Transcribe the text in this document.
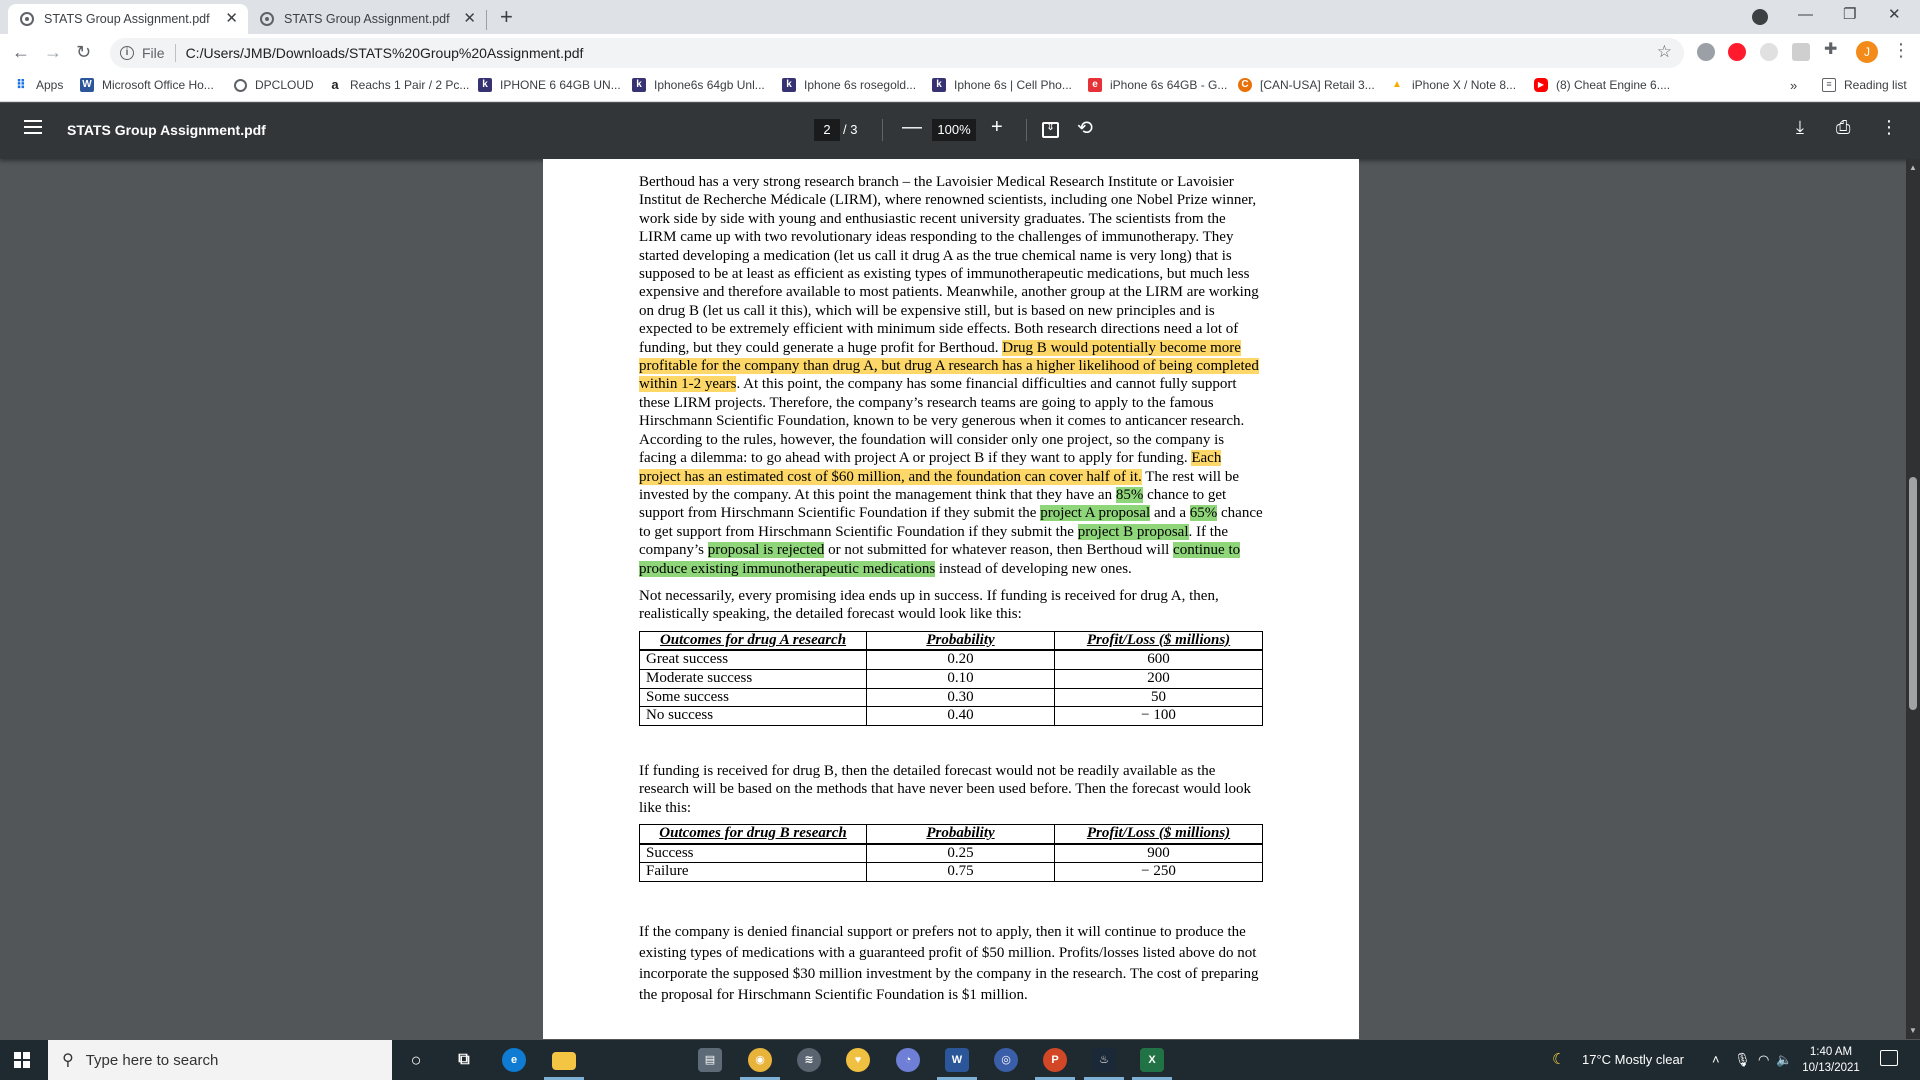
STATS Group Assignment.pdf ✕	STATS Group Assignment.pdf ✕ +	— ❐ ✕
← → ↻	i File C:/Users/JMB/Downloads/STATS%20Group%20Assignment.pdf	☆	✚	J	⋮
⠿ Apps W Microsoft Office Ho...	DPCLOUD a Reachs 1 Pair / 2 Pc...	k	IPHONE 6 64GB UN...	k	Iphone6s 64gb Unl...	k	Iphone 6s rosegold...	k	Iphone 6s | Cell Pho...	e	iPhone 6s 64GB - G...	C [CAN-USA] Retail 3... ▲ iPhone X / Note 8...	▶ (8) Cheat Engine 6....	»	≡	Reading list
STATS Group Assignment.pdf	2 / 3 —	100% + ⇕	⟲	⤓ ⎙ ⋮

Berthoud has a very strong research branch – the Lavoisier Medical Research Institute or Lavoisier Institut de Recherche Médicale (LIRM), where renowned scientists, including one Nobel Prize winner, work side by side with young and enthusiastic recent university graduates. The scientists from the LIRM came up with two revolutionary ideas responding to the challenges of immunotherapy. They started developing a medication (let us call it drug A as the true chemical name is very long) that is supposed to be at least as efficient as existing types of immunotherapeutic medications, but much less expensive and therefore available to most patients. Meanwhile, another group at the LIRM are working on drug B (let us call it this), which will be expensive still, but is based on new principles and is expected to be extremely efficient with minimum side effects. Both research directions need a lot of funding, but they could generate a huge profit for Berthoud. Drug B would potentially become more profitable for the company than drug A, but drug A research has a higher likelihood of being completed within 1-2 years. At this point, the company has some financial difficulties and cannot fully support these LIRM projects. Therefore, the company’s research teams are going to apply to the famous Hirschmann Scientific Foundation, known to be very generous when it comes to anticancer research. According to the rules, however, the foundation will consider only one project, so the company is facing a dilemma: to go ahead with project A or project B if they want to apply for funding. Each project has an estimated cost of $60 million, and the foundation can cover half of it. The rest will be invested by the company. At this point the management think that they have an 85% chance to get support from Hirschmann Scientific Foundation if they submit the project A proposal and a 65% chance to get support from Hirschmann Scientific Foundation if they submit the project B proposal. If the company’s proposal is rejected or not submitted for whatever reason, then Berthoud will continue to produce existing immunotherapeutic medications instead of developing new ones.

Not necessarily, every promising idea ends up in success. If funding is received for drug A, then, realistically speaking, the detailed forecast would look like this:

Outcomes for drug A research	Probability	Profit/Loss ($ millions)
Great success	0.20	600
Moderate success	0.10	200
Some success	0.30	50
No success	0.40	− 100

If funding is received for drug B, then the detailed forecast would not be readily available as the research will be based on the methods that have never been used before. Then the forecast would look like this:

Outcomes for drug B research	Probability	Profit/Loss ($ millions)
Success	0.25	900
Failure	0.75	− 250

If the company is denied financial support or prefers not to apply, then it will continue to produce the existing types of medications with a guaranteed profit of $50 million. Profits/losses listed above do not incorporate the supposed $30 million investment by the company in the research. The cost of preparing the proposal for Hirschmann Scientific Foundation is $1 million.

▲
▼
⚲ Type here to search	○	⧉	e	▤	◉	≋	♥	◔	W	◎	P	♨	X	☾ 17°C Mostly clear ˄ 🎙 ◠ 🔈	1:40 AM
10/13/2021
